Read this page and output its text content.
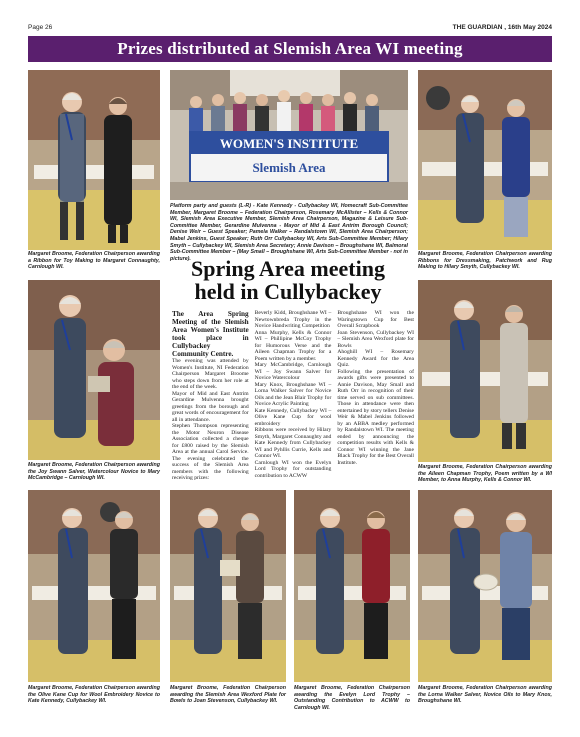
Page 26	THE GUARDIAN , 16th May 2024
Prizes distributed at Slemish Area WI meeting
Margaret Broome, Federation Chairperson awarding a Ribbon for Toy Making to Margaret Connaughty, Carnlough WI.
WOMEN'S INSTITUTE
Slemish Area
Platform party and guests (L-R) - Kate Kennedy - Cullybackey WI, Homecraft Sub-Committee Member, Margaret Broome – Federation Chairperson, Rosemary McAllister – Kells & Connor WI, Slemish Area Executive Member, Slemish Area Chairperson, Magazine & Leisure Sub-Committee Member, Gerardine Mulvenna - Mayor of Mid & East Antrim Borough Council; Denise Weir – Guest Speaker; Pamela Walker – Randalstown WI, Slemish Area Chairperson; Mabel Jenkins, Guest Speaker; Ruth Orr Cullybackey WI, Arts Sub-Committee Member; Hilary Smyth – Cullybackey WI, Slemish Area Secretary; Annie Davison – Broughshane WI, Balmoral Sub-Committee Member – (May Small – Broughshane WI, Arts Sub-Committee Member - not in picture).
Margaret Broome, Federation Chairperson awarding Ribbons for Dressmaking, Patchwork and Rug Making to Hilary Smyth, Cullybackey WI.
Spring Area meeting held in Cullybackey
Margaret Broome, Federation Chairperson awarding the Joy Swann Salver, Watercolour Novice to Mary McCambridge – Carnlough WI.

The Area Spring Meeting of the Slemish Area Women's Institute took place in Cullybackey Community Centre.

The evening was attended by Women's Institute, NI Federation Chairperson Margaret Broome who steps down from her role at the end of the week.

Mayor of Mid and East Antrim Gerardine Mulvenna brought greetings from the borough and great words of encouragement for all in attendance.

Stephen Thompson representing the Motor Neuron Disease Association collected a cheque for £800 raised by the Slemish Area at the annual Carol Service. The evening celebrated the success of the Slemish Area members with the following receiving prizes:

Beverly Kidd, Broughshane WI – Newtownbreda Trophy in the Novice Handwriting Competition

Anna Murphy, Kells & Connor WI – Phillipine McCoy Trophy for Humorous Verse and the Aileen Chapman Trophy for a Poem written by a member.

Mary McCambridge, Carnlough WI – Joy Swann Salver for Novice Watercolour

Mary Knox, Broughshane WI – Lorna Walker Salver for Novice Oils and the Jean Blair Trophy for Novice Acrylic Painting

Kate Kennedy, Cullybackey WI – Olive Kane Cup for wool embroidery

Ribbons were received by Hilary Smyth, Margaret Connaughty and Kate Kennedy from Cullybackey WI and Pyhllis Currie, Kells and Connor WI.

Carnlough WI won the Evelyn Lord Trophy for outstanding contribution to ACWW

Broughshane WI won the Waringstown Cup for Best Overall Scrapbook

Joan Stevenson, Cullybackey WI – Slemish Area Wexford plate for Bowls

Ahoghill WI – Rosemary Kennedy Award for the Area Quiz.

Following the presentation of awards gifts were presented to Annie Davison, May Small and Ruth Orr in recognition of their time served on sub committees. Those in attendance were then entertained by story tellers Denise Weir & Mabel Jenkins followed by an ABBA medley performed by Randalstown WI. The meeting ended by announcing the competition results with Kells & Connor WI winning the Jane Black Trophy for the Best Overall Institute.

Margaret Broome, Federation Chairperson awarding the Aileen Chapman Trophy, Poem written by a WI Member, to Anna Murphy, Kells & Connor WI.
Margaret Broome, Federation Chairperson awarding the Olive Kane Cup for Wool Embroidery Novice to Kate Kennedy, Cullybackey WI.
Margaret Broome, Federation Chairperson awarding the Slemish Area Wexford Plate for Bowls to Joan Stevenson, Cullybackey WI.
Margaret Broome, Federation Chairperson awarding the Evelyn Lord Trophy – Outstanding Contribution to ACWW to Carnlough WI.
Margaret Broome, Federation Chairperson awarding the Lorna Walker Salver, Novice Oils to Mary Knox, Broughshane WI.
